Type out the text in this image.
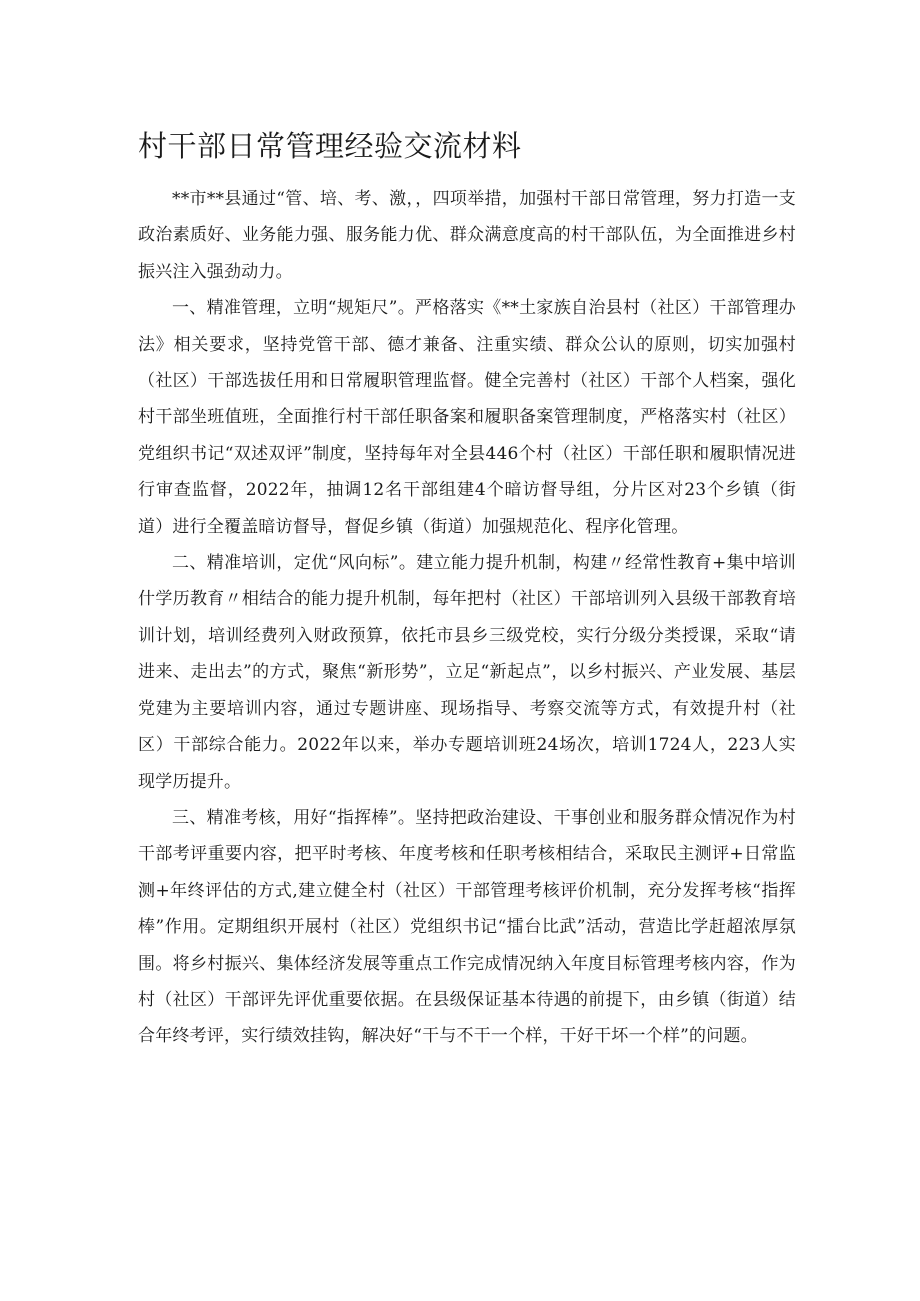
村干部日常管理经验交流材料

**市**县通过“管、培、考、激，，四项举措，加强村干部日常管理，努力打造一支政治素质好、业务能力强、服务能力优、群众满意度高的村干部队伍，为全面推进乡村振兴注入强劲动力。

一、精准管理，立明“规矩尺”。严格落实《**土家族自治县村（社区）干部管理办法》相关要求，坚持党管干部、德才兼备、注重实绩、群众公认的原则，切实加强村（社区）干部选拔任用和日常履职管理监督。健全完善村（社区）干部个人档案，强化村干部坐班值班，全面推行村干部任职备案和履职备案管理制度，严格落实村（社区）党组织书记“双述双评”制度，坚持每年对全县446个村（社区）干部任职和履职情况进行审查监督，2022年，抽调12名干部组建4个暗访督导组，分片区对23个乡镇（街道）进行全覆盖暗访督导，督促乡镇（街道）加强规范化、程序化管理。

二、精准培训，定优“风向标”。建立能力提升机制，构建〃经常性教育+集中培训什学历教育〃相结合的能力提升机制，每年把村（社区）干部培训列入县级干部教育培训计划，培训经费列入财政预算，依托市县乡三级党校，实行分级分类授课，采取“请进来、走出去”的方式，聚焦“新形势”，立足“新起点”，以乡村振兴、产业发展、基层党建为主要培训内容，通过专题讲座、现场指导、考察交流等方式，有效提升村（社区）干部综合能力。2022年以来，举办专题培训班24场次，培训1724人，223人实现学历提升。

三、精准考核，用好“指挥棒”。坚持把政治建设、干事创业和服务群众情况作为村干部考评重要内容，把平时考核、年度考核和任职考核相结合，采取民主测评+日常监测+年终评估的方式,建立健全村（社区）干部管理考核评价机制，充分发挥考核“指挥棒”作用。定期组织开展村（社区）党组织书记“擂台比武”活动，营造比学赶超浓厚氛围。将乡村振兴、集体经济发展等重点工作完成情况纳入年度目标管理考核内容，作为村（社区）干部评先评优重要依据。在县级保证基本待遇的前提下，由乡镇（街道）结合年终考评，实行绩效挂钩，解决好“干与不干一个样，干好干坏一个样”的问题。
